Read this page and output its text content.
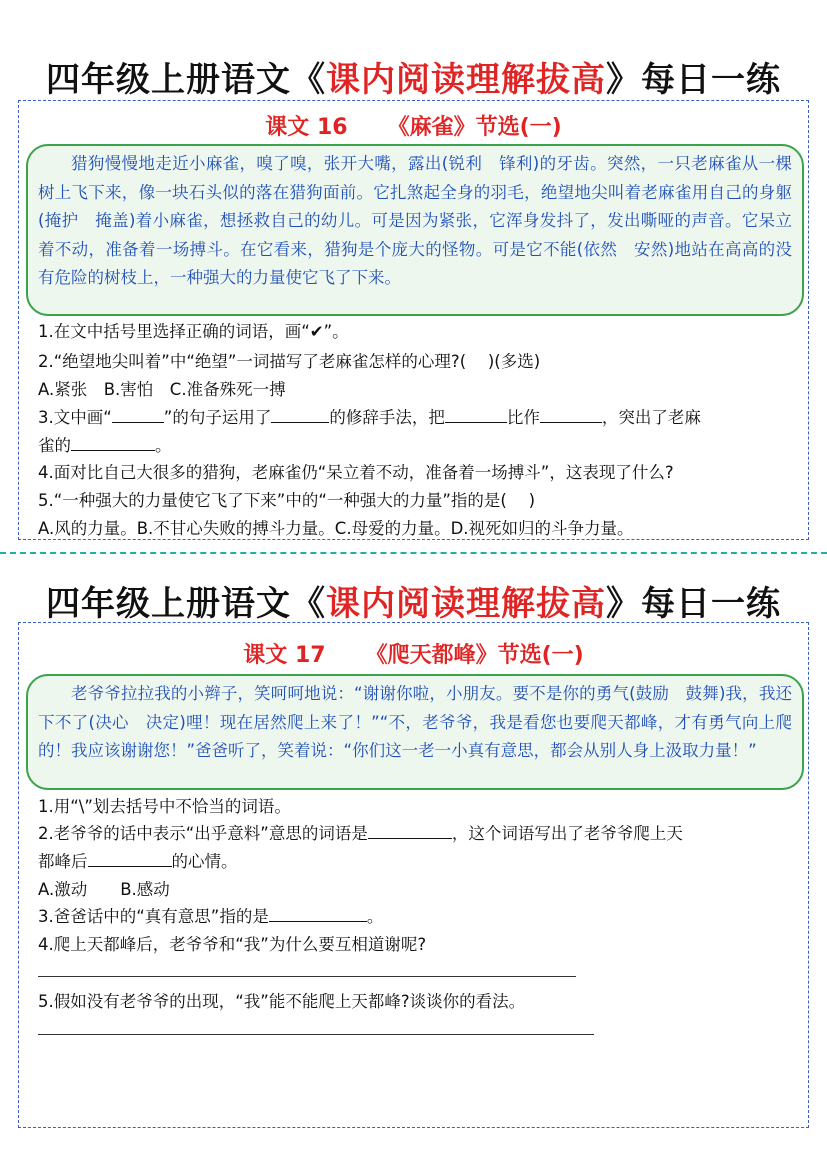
四年级上册语文《课内阅读理解拔高》每日一练
课文 16 《麻雀》节选(一)
猎狗慢慢地走近小麻雀，嗅了嗅，张开大嘴，露出(锐利　锋利)的牙齿。突然，一只老麻雀从一棵树上飞下来，像一块石头似的落在猎狗面前。它扎煞起全身的羽毛，绝望地尖叫着老麻雀用自己的身躯(掩护　掩盖)着小麻雀，想拯救自己的幼儿。可是因为紧张，它浑身发抖了，发出嘶哑的声音。它呆立着不动，准备着一场搏斗。在它看来，猎狗是个庞大的怪物。可是它不能(依然　安然)地站在高高的没有危险的树枝上，一种强大的力量使它飞了下来。
1.在文中括号里选择正确的词语，画“✔”。
2.“绝望地尖叫着”中“绝望”一词描写了老麻雀怎样的心理?(　 )(多选)
A.紧张　B.害怕　C.准备殊死一搏
3.文中画“	”的句子运用了	的修辞手法，把	比作	，突出了老麻
雀的	。
4.面对比自己大很多的猎狗，老麻雀仍“呆立着不动，准备着一场搏斗”，这表现了什么?
5.“一种强大的力量使它飞了下来”中的“一种强大的力量”指的是(　 )
A.风的力量。B.不甘心失败的搏斗力量。C.母爱的力量。D.视死如归的斗争力量。
四年级上册语文《课内阅读理解拔高》每日一练
课文 17 《爬天都峰》节选(一)
老爷爷拉拉我的小辫子，笑呵呵地说：“谢谢你啦，小朋友。要不是你的勇气(鼓励　鼓舞)我，我还下不了(决心　决定)哩！现在居然爬上来了！”“不，老爷爷，我是看您也要爬天都峰，才有勇气向上爬的！我应该谢谢您！”爸爸听了，笑着说：“你们这一老一小真有意思，都会从别人身上汲取力量！”
1.用“\”划去括号中不恰当的词语。
2.老爷爷的话中表示“出乎意料”意思的词语是	，这个词语写出了老爷爷爬上天
都峰后	的心情。
A.激动　　B.感动
3.爸爸话中的“真有意思”指的是	。
4.爬上天都峰后，老爷爷和“我”为什么要互相道谢呢?
5.假如没有老爷爷的出现，“我”能不能爬上天都峰?谈谈你的看法。
